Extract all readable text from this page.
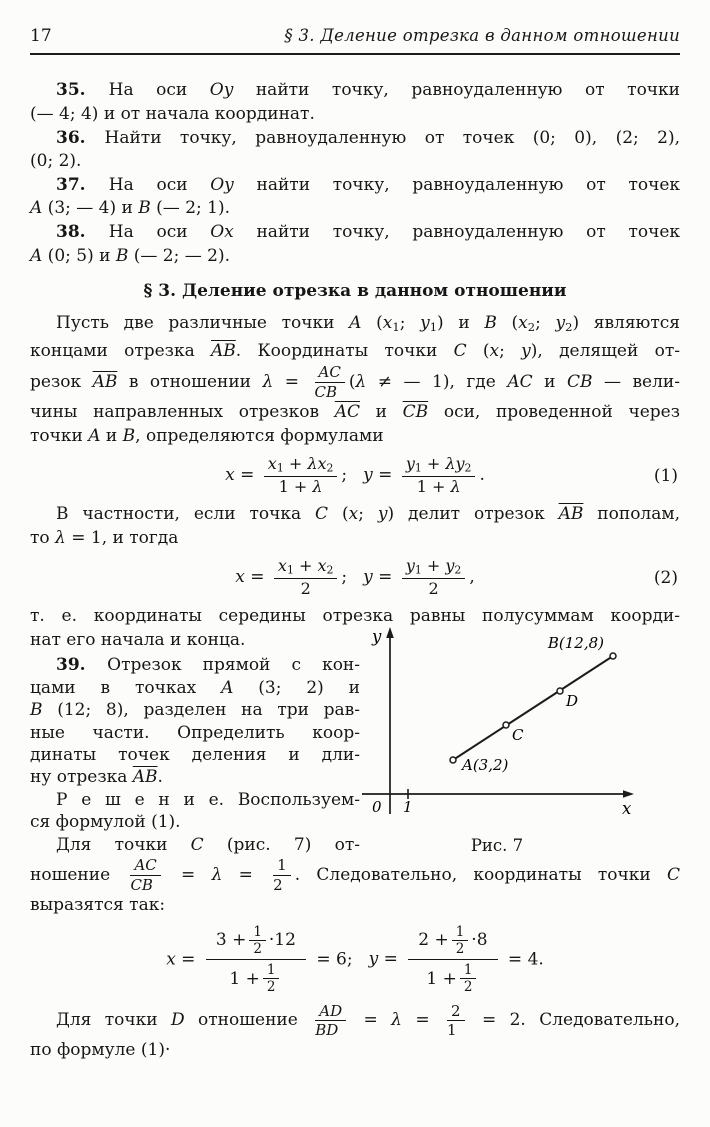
17	§ 3. Деление отрезка в данном отношении
35. На оси Oy найти точку, равноудаленную от точки
(— 4; 4) и от начала координат.
36. Найти точку, равноудаленную от точек (0; 0), (2; 2),
(0; 2).
37. На оси Oy найти точку, равноудаленную от точек
A (3; — 4) и B (— 2; 1).
38. На оси Ox найти точку, равноудаленную от точек
A (0; 5) и B (— 2; — 2).
§ 3. Деление отрезка в данном отношении
Пусть две различные точки A (x1; y1) и B (x2; y2) являются
концами отрезка $\overline{AB}$. Координаты точки C (x; y), делящей от-
резок $\overline{AB}$ в отношении $\lambda = \frac{AC}{CB} (\lambda$ ≠ — 1), где AC и CB — вели-
чины направленных отрезков $\overline{AC}$ и $\overline{CB}$ оси, проведенной через
точки A и B, определяются формулами
$x = \frac{x1 + \lambda x2}{1 + \lambda}$ ; $y = \frac{y1 + \lambda y2}{1 + \lambda}$ .	(1)
В частности, если точка C (x; y) делит отрезок $\overline{AB}$ пополам,
то λ = 1, и тогда
$x = \frac{x1 + x2}{2}$ ; $y = \frac{y1 + y2}{2}$ ,	(2)
т. е. координаты середины отрезка равны полусуммам коорди-
нат его начала и конца.
39. Отрезок прямой с кон-
цами в точках A (3; 2) и
B (12; 8), разделен на три рав-
ные части. Определить коор-
динаты точек деления и дли-
ну отрезка $\overline{AB}$.
Р е ш е н и е. Воспользуем-
ся формулой (1).
Для точки C (рис. 7) от-
y
x
0 1
A(3,2)
B(12,8)
C
D
Рис. 7
ношение $\frac{AC}{CB} = \lambda = \frac{1}{2}$ . Следовательно, координаты точки C
выразятся так:
$x = \frac{3 + \frac{1}{2} \cdot 12}{1 + \frac{1}{2}} = 6$; $y = \frac{2 + \frac{1}{2} \cdot 8}{1 + \frac{1}{2}} = 4$.
Для точки D отношение $\frac{AD}{BD} = \lambda = \frac{2}{1} = 2$. Следовательно,
по формуле (1)·
